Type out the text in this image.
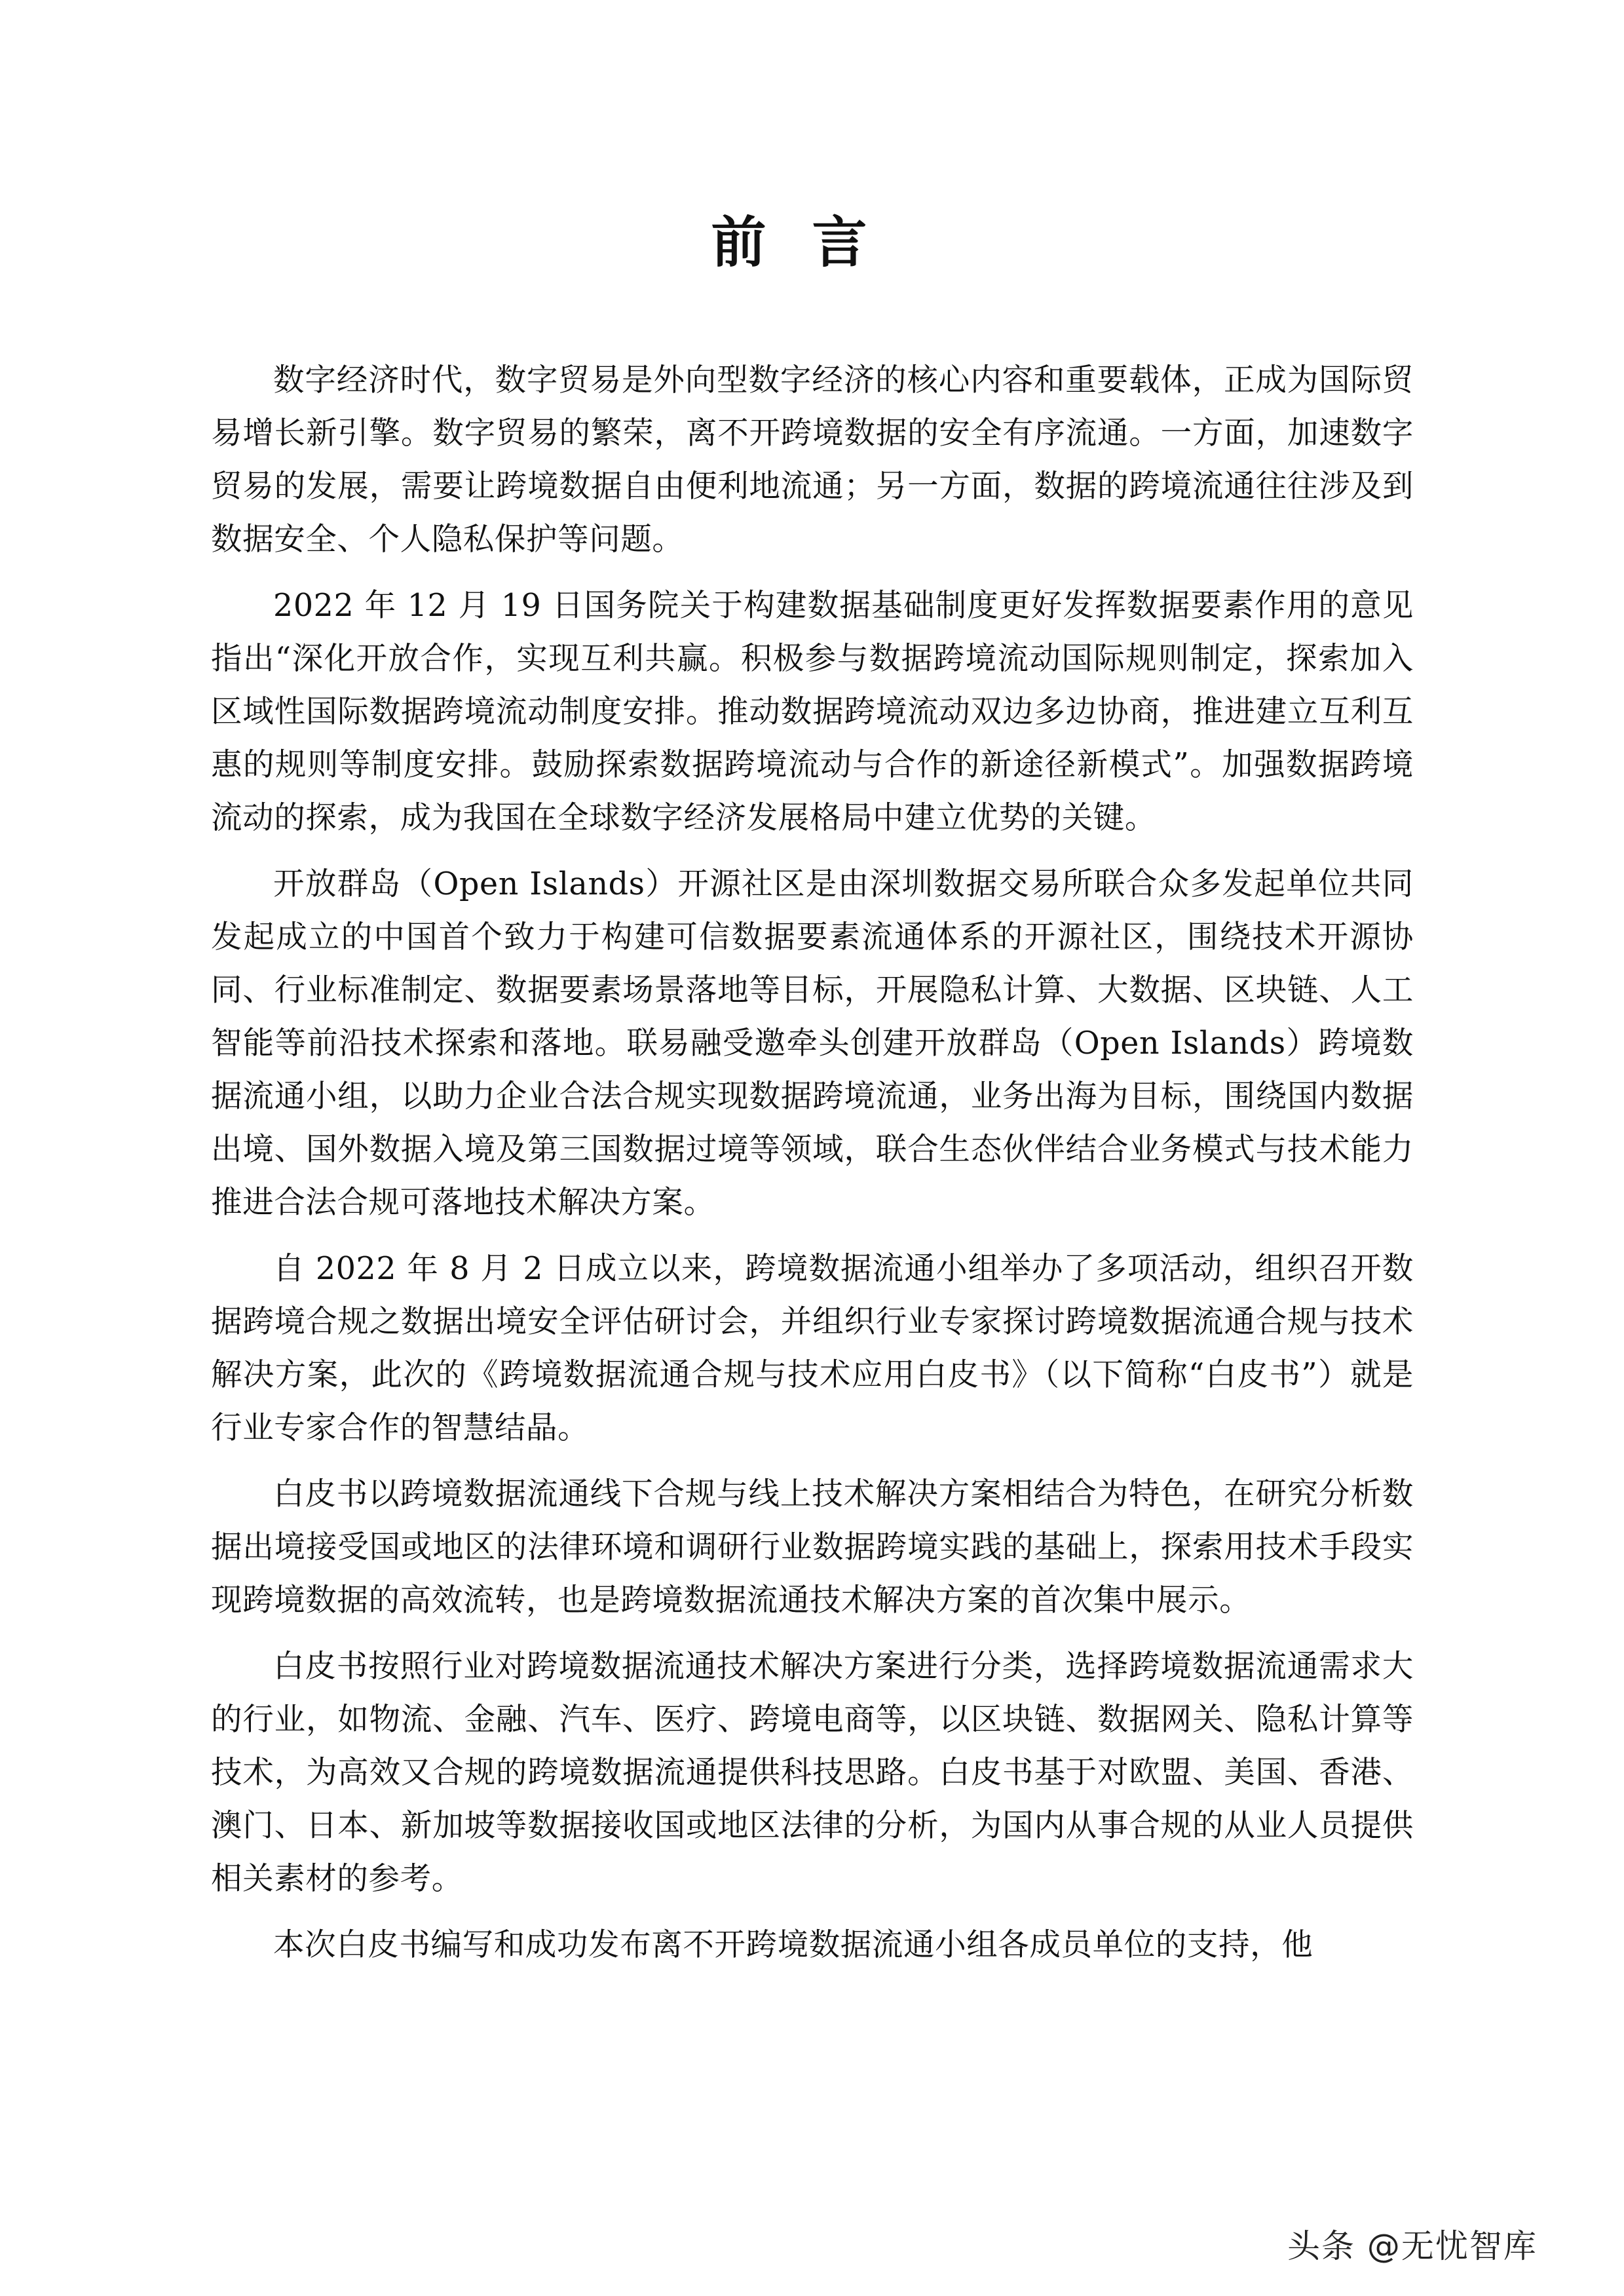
前言

数字经济时代，数字贸易是外向型数字经济的核心内容和重要载体，正成为国际贸易增长新引擎。数字贸易的繁荣，离不开跨境数据的安全有序流通。一方面，加速数字贸易的发展，需要让跨境数据自由便利地流通；另一方面，数据的跨境流通往往涉及到数据安全、个人隐私保护等问题。

2022 年 12 月 19 日国务院关于构建数据基础制度更好发挥数据要素作用的意见指出“深化开放合作，实现互利共赢。积极参与数据跨境流动国际规则制定，探索加入区域性国际数据跨境流动制度安排。推动数据跨境流动双边多边协商，推进建立互利互惠的规则等制度安排。鼓励探索数据跨境流动与合作的新途径新模式”。加强数据跨境流动的探索，成为我国在全球数字经济发展格局中建立优势的关键。

开放群岛（Open Islands）开源社区是由深圳数据交易所联合众多发起单位共同发起成立的中国首个致力于构建可信数据要素流通体系的开源社区，围绕技术开源协同、行业标准制定、数据要素场景落地等目标，开展隐私计算、大数据、区块链、人工智能等前沿技术探索和落地。联易融受邀牵头创建开放群岛（Open Islands）跨境数据流通小组，以助力企业合法合规实现数据跨境流通，业务出海为目标，围绕国内数据出境、国外数据入境及第三国数据过境等领域，联合生态伙伴结合业务模式与技术能力推进合法合规可落地技术解决方案。

自 2022 年 8 月 2 日成立以来，跨境数据流通小组举办了多项活动，组织召开数据跨境合规之数据出境安全评估研讨会，并组织行业专家探讨跨境数据流通合规与技术解决方案，此次的《跨境数据流通合规与技术应用白皮书》（以下简称“白皮书”）就是行业专家合作的智慧结晶。

白皮书以跨境数据流通线下合规与线上技术解决方案相结合为特色，在研究分析数据出境接受国或地区的法律环境和调研行业数据跨境实践的基础上，探索用技术手段实现跨境数据的高效流转，也是跨境数据流通技术解决方案的首次集中展示。

白皮书按照行业对跨境数据流通技术解决方案进行分类，选择跨境数据流通需求大的行业，如物流、金融、汽车、医疗、跨境电商等，以区块链、数据网关、隐私计算等技术，为高效又合规的跨境数据流通提供科技思路。白皮书基于对欧盟、美国、香港、澳门、日本、新加坡等数据接收国或地区法律的分析，为国内从事合规的从业人员提供相关素材的参考。

本次白皮书编写和成功发布离不开跨境数据流通小组各成员单位的支持，他

头条 @无忧智库
